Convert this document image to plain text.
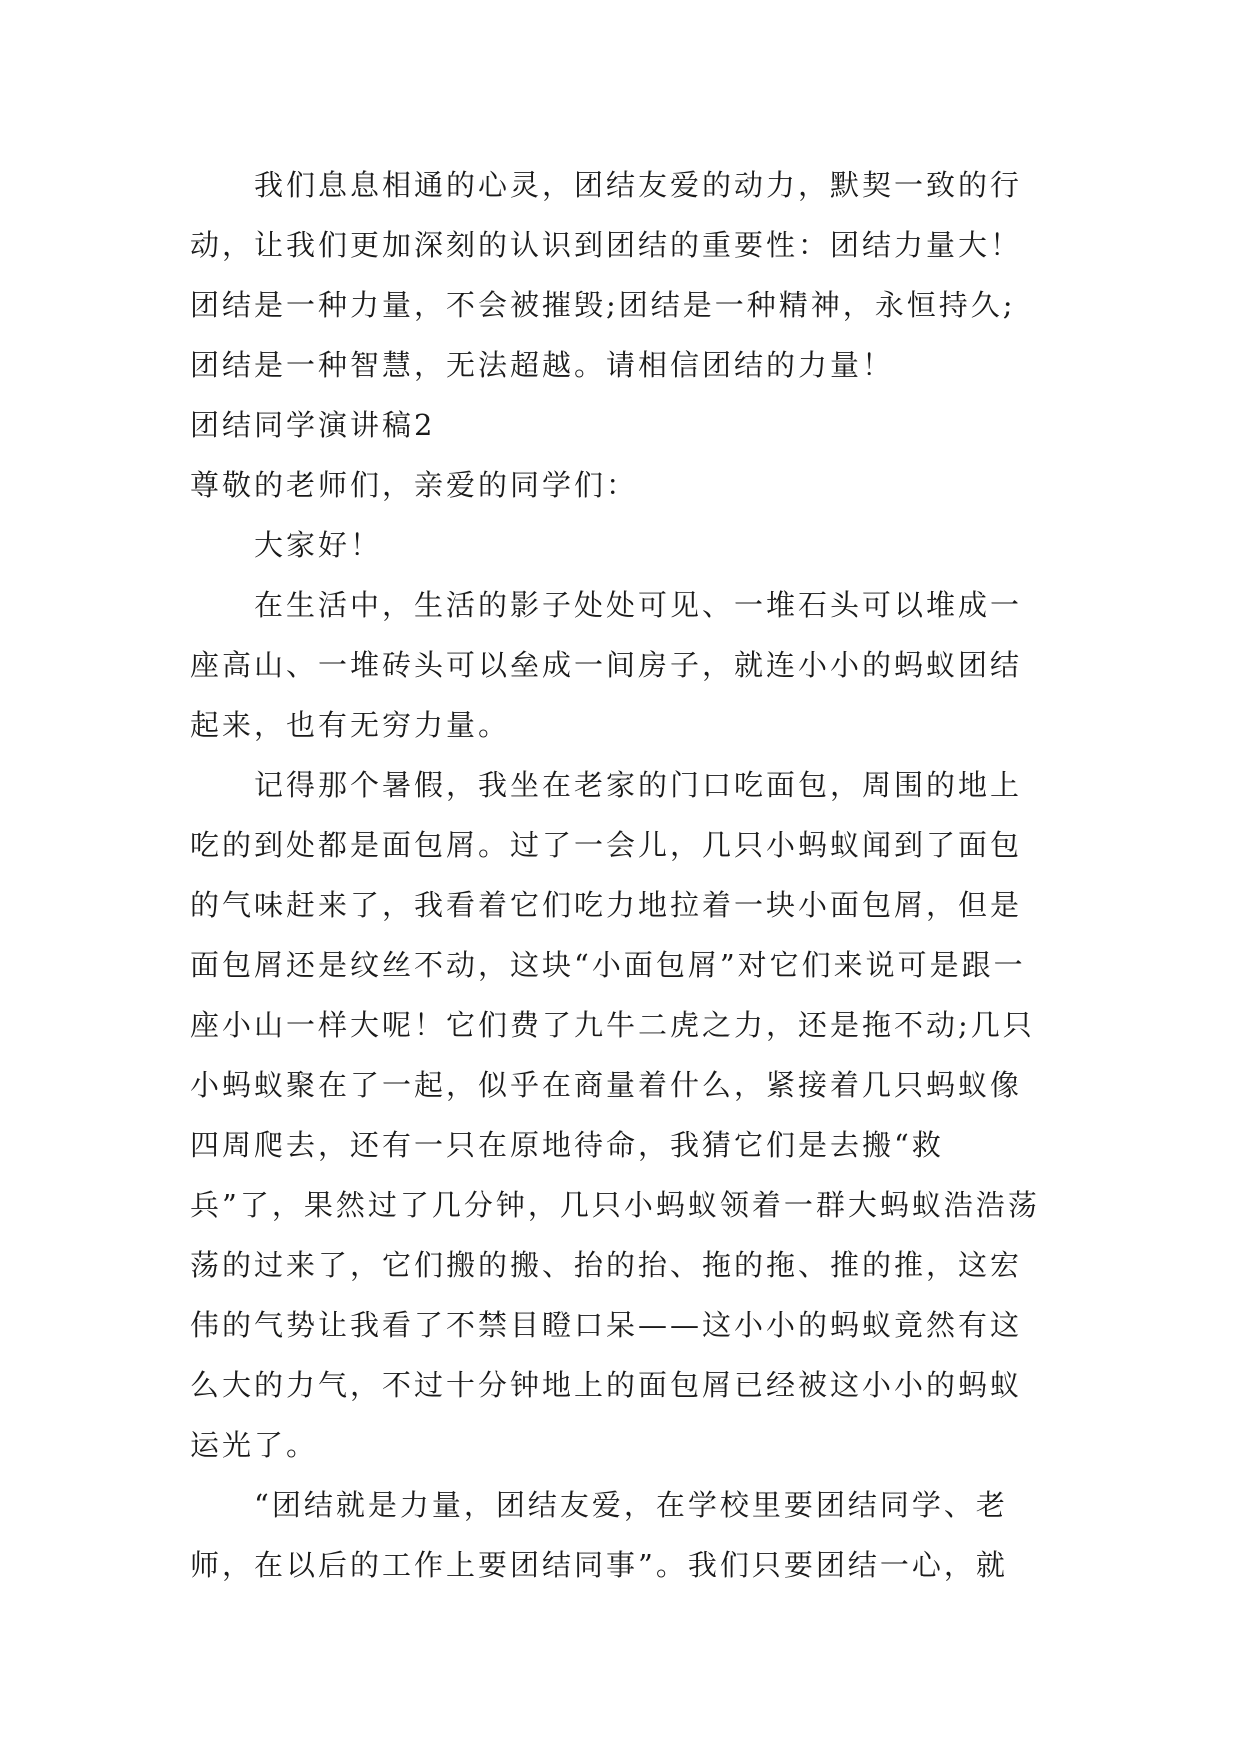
我们息息相通的心灵，团结友爱的动力，默契一致的行动，让我们更加深刻的认识到团结的重要性：团结力量大！团结是一种力量，不会被摧毁;团结是一种精神，永恒持久;团结是一种智慧，无法超越。请相信团结的力量！

团结同学演讲稿2

尊敬的老师们，亲爱的同学们：

大家好！

在生活中，生活的影子处处可见、一堆石头可以堆成一座高山、一堆砖头可以垒成一间房子，就连小小的蚂蚁团结起来，也有无穷力量。

记得那个暑假，我坐在老家的门口吃面包，周围的地上吃的到处都是面包屑。过了一会儿，几只小蚂蚁闻到了面包的气味赶来了，我看着它们吃力地拉着一块小面包屑，但是面包屑还是纹丝不动，这块“小面包屑”对它们来说可是跟一座小山一样大呢！它们费了九牛二虎之力，还是拖不动;几只小蚂蚁聚在了一起，似乎在商量着什么，紧接着几只蚂蚁像四周爬去，还有一只在原地待命，我猜它们是去搬“救兵”了，果然过了几分钟，几只小蚂蚁领着一群大蚂蚁浩浩荡荡的过来了，它们搬的搬、抬的抬、拖的拖、推的推，这宏伟的气势让我看了不禁目瞪口呆——这小小的蚂蚁竟然有这么大的力气，不过十分钟地上的面包屑已经被这小小的蚂蚁运光了。

“团结就是力量，团结友爱，在学校里要团结同学、老师，在以后的工作上要团结同事”。我们只要团结一心，就
